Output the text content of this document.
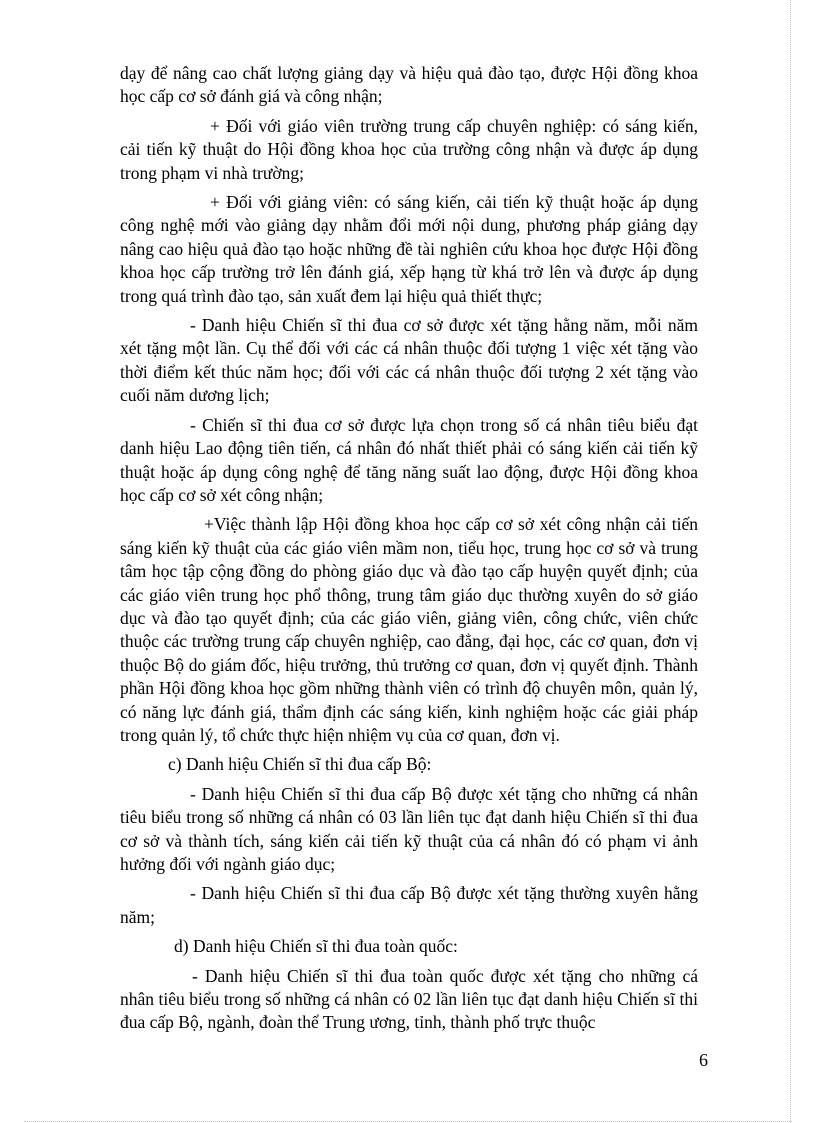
dạy để nâng cao chất lượng giảng dạy và hiệu quả đào tạo, được Hội đồng khoa học cấp cơ sở đánh giá và công nhận;

+ Đối với giáo viên trường trung cấp chuyên nghiệp: có sáng kiến, cải tiến kỹ thuật do Hội đồng khoa học của trường công nhận và được áp dụng trong phạm vi nhà trường;

+ Đối với giảng viên: có sáng kiến, cải tiến kỹ thuật hoặc áp dụng công nghệ mới vào giảng dạy nhằm đổi mới nội dung, phương pháp giảng dạy nâng cao hiệu quả đào tạo hoặc những đề tài nghiên cứu khoa học được Hội đồng khoa học cấp trường trở lên đánh giá, xếp hạng từ khá trở lên và được áp dụng trong quá trình đào tạo, sản xuất đem lại hiệu quả thiết thực;

- Danh hiệu Chiến sĩ thi đua cơ sở được xét tặng hằng năm, mỗi năm xét tặng một lần. Cụ thể đối với các cá nhân thuộc đối tượng 1 việc xét tặng vào thời điểm kết thúc năm học; đối với các cá nhân thuộc đối tượng 2 xét tặng vào cuối năm dương lịch;

- Chiến sĩ thi đua cơ sở được lựa chọn trong số cá nhân tiêu biểu đạt danh hiệu Lao động tiên tiến, cá nhân đó nhất thiết phải có sáng kiến cải tiến kỹ thuật hoặc áp dụng công nghệ để tăng năng suất lao động, được Hội đồng khoa học cấp cơ sở xét công nhận;

+Việc thành lập Hội đồng khoa học cấp cơ sở xét công nhận cải tiến sáng kiến kỹ thuật của các giáo viên mầm non, tiểu học, trung học cơ sở và trung tâm học tập cộng đồng do phòng giáo dục và đào tạo cấp huyện quyết định; của các giáo viên trung học phổ thông, trung tâm giáo dục thường xuyên do sở giáo dục và đào tạo quyết định; của các giáo viên, giảng viên, công chức, viên chức thuộc các trường trung cấp chuyên nghiệp, cao đẳng, đại học, các cơ quan, đơn vị thuộc Bộ do giám đốc, hiệu trưởng, thủ trưởng cơ quan, đơn vị quyết định. Thành phần Hội đồng khoa học gồm những thành viên có trình độ chuyên môn, quản lý, có năng lực đánh giá, thẩm định các sáng kiến, kinh nghiệm hoặc các giải pháp trong quản lý, tổ chức thực hiện nhiệm vụ của cơ quan, đơn vị.

c) Danh hiệu Chiến sĩ thi đua cấp Bộ:

- Danh hiệu Chiến sĩ thi đua cấp Bộ được xét tặng cho những cá nhân tiêu biểu trong số những cá nhân có 03 lần liên tục đạt danh hiệu Chiến sĩ thi đua cơ sở và thành tích, sáng kiến cải tiến kỹ thuật của cá nhân đó có phạm vi ảnh hưởng đối với ngành giáo dục;

- Danh hiệu Chiến sĩ thi đua cấp Bộ được xét tặng thường xuyên hằng năm;

d) Danh hiệu Chiến sĩ thi đua toàn quốc:

- Danh hiệu Chiến sĩ thi đua toàn quốc được xét tặng cho những cá nhân tiêu biểu trong số những cá nhân có 02 lần liên tục đạt danh hiệu Chiến sĩ thi đua cấp Bộ, ngành, đoàn thể Trung ương, tỉnh, thành phố trực thuộc

6
